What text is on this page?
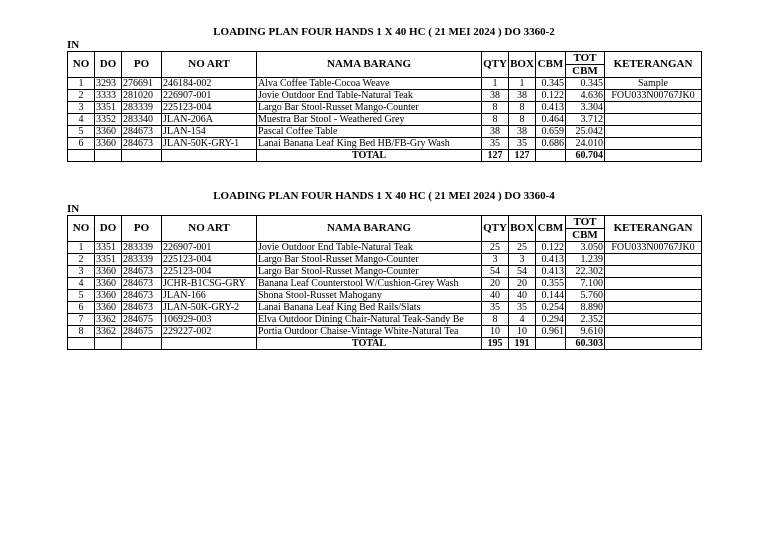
LOADING PLAN FOUR HANDS 1 X 40 HC ( 21 MEI 2024 ) DO 3360-2
IN
NO	DO	PO	NO ART	NAMA BARANG	QTY	BOX	CBM	TOT	KETERANGAN
								CBM	
1	3293	276691	246184-002	Alva Coffee Table-Cocoa Weave	1	1	0.345	0.345	Sample
2	3333	281020	226907-001	Jovie Outdoor End Table-Natural Teak	38	38	0.122	4.636	FOU033N00767JK0
3	3351	283339	225123-004	Largo Bar Stool-Russet Mango-Counter	8	8	0.413	3.304	
4	3352	283340	JLAN-206A	Muestra Bar Stool - Weathered Grey	8	8	0.464	3.712	
5	3360	284673	JLAN-154	Pascal Coffee Table	38	38	0.659	25.042	
6	3360	284673	JLAN-50K-GRY-1	Lanai Banana Leaf King Bed HB/FB-Gry Wash	35	35	0.686	24.010	
				TOTAL	127	127		60.704	
LOADING PLAN FOUR HANDS 1 X 40 HC ( 21 MEI 2024 ) DO 3360-4
IN
NO	DO	PO	NO ART	NAMA BARANG	QTY	BOX	CBM	TOT	KETERANGAN
								CBM	
1	3351	283339	226907-001	Jovie Outdoor End Table-Natural Teak	25	25	0.122	3.050	FOU033N00767JK0
2	3351	283339	225123-004	Largo Bar Stool-Russet Mango-Counter	3	3	0.413	1.239	
3	3360	284673	225123-004	Largo Bar Stool-Russet Mango-Counter	54	54	0.413	22.302	
4	3360	284673	JCHR-B1CSG-GRY	Banana Leaf Counterstool W/Cushion-Grey Wash	20	20	0.355	7.100	
5	3360	284673	JLAN-166	Shona Stool-Russet Mahogany	40	40	0.144	5.760	
6	3360	284673	JLAN-50K-GRY-2	Lanai Banana Leaf King Bed Rails/Slats	35	35	0.254	8.890	
7	3362	284675	106929-003	Elva Outdoor Dining Chair-Natural Teak-Sandy Be	8	4	0.294	2.352	
8	3362	284675	229227-002	Portia Outdoor Chaise-Vintage White-Natural Tea	10	10	0.961	9.610	
				TOTAL	195	191		60.303	
